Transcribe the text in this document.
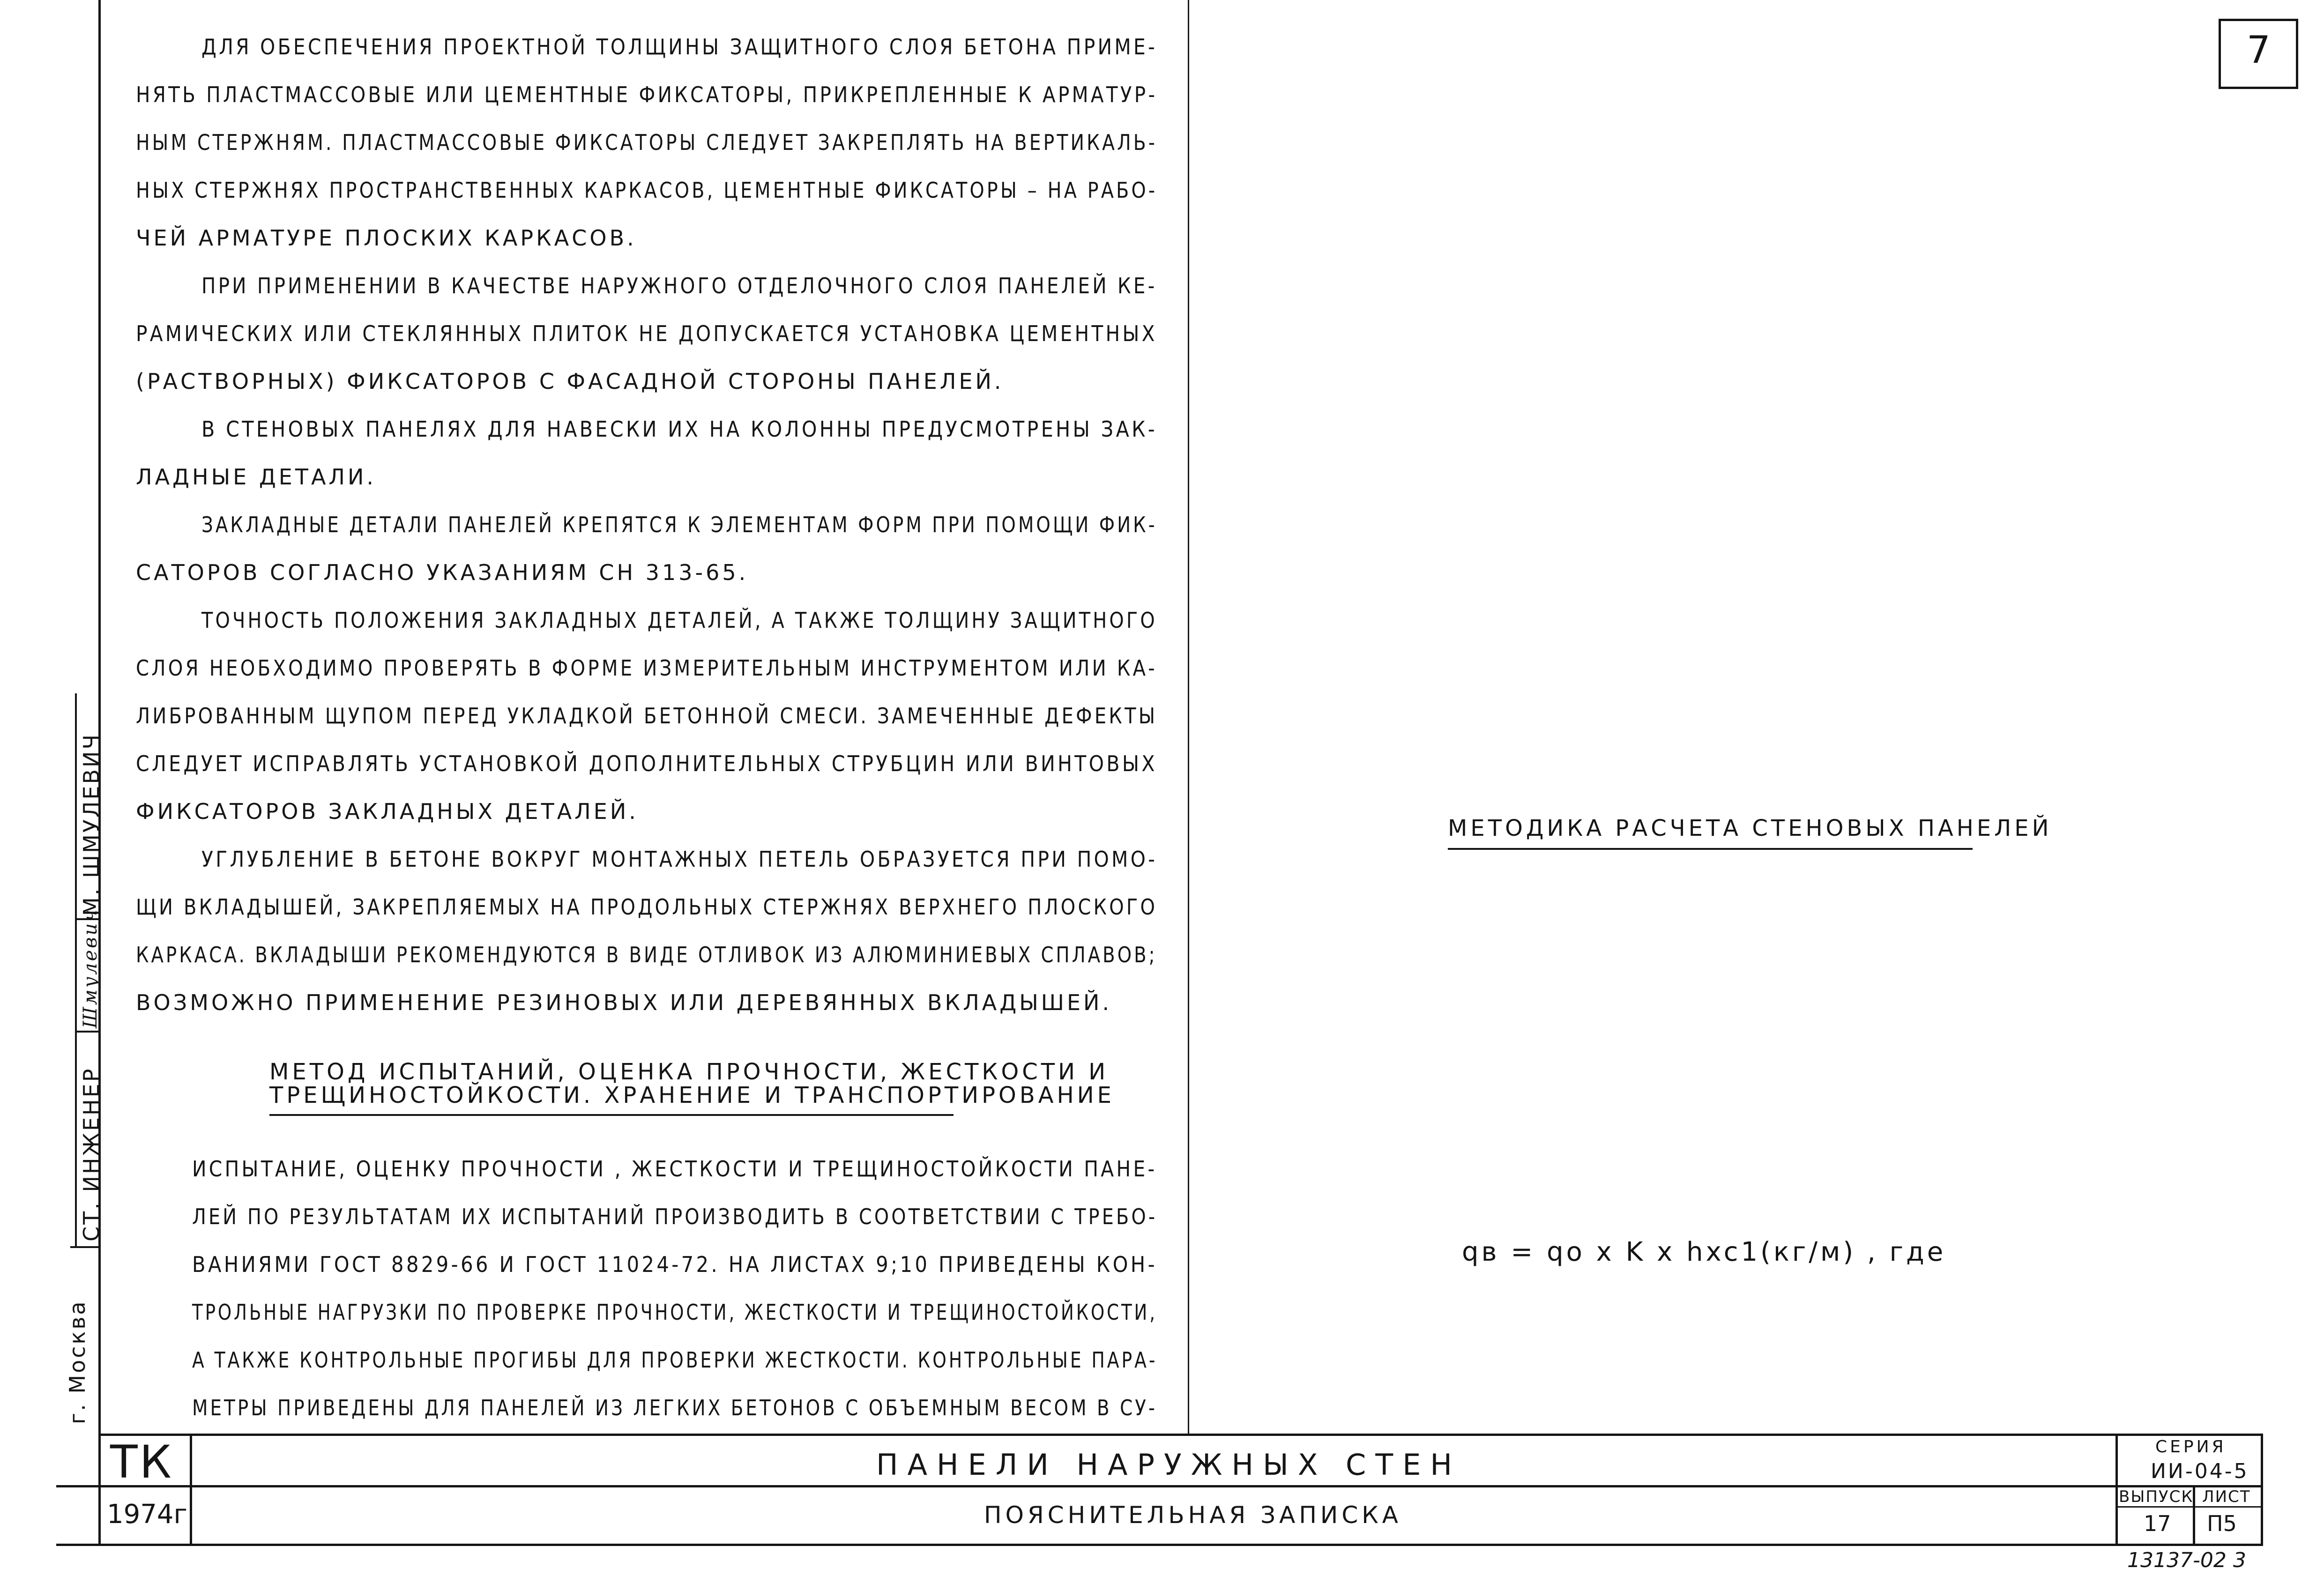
7
ДЛЯ ОБЕСПЕЧЕНИЯ ПРОЕКТНОЙ ТОЛЩИНЫ ЗАЩИТНОГО СЛОЯ БЕТОНА ПРИМЕ-
НЯТЬ ПЛАСТМАССОВЫЕ ИЛИ ЦЕМЕНТНЫЕ ФИКСАТОРЫ, ПРИКРЕПЛЕННЫЕ К АРМАТУР-
НЫМ СТЕРЖНЯМ. ПЛАСТМАССОВЫЕ ФИКСАТОРЫ СЛЕДУЕТ ЗАКРЕПЛЯТЬ НА ВЕРТИКАЛЬ-
НЫХ СТЕРЖНЯХ ПРОСТРАНСТВЕННЫХ КАРКАСОВ, ЦЕМЕНТНЫЕ ФИКСАТОРЫ – НА РАБО-
ЧЕЙ АРМАТУРЕ ПЛОСКИХ КАРКАСОВ.
ПРИ ПРИМЕНЕНИИ В КАЧЕСТВЕ НАРУЖНОГО ОТДЕЛОЧНОГО СЛОЯ ПАНЕЛЕЙ КЕ-
РАМИЧЕСКИХ ИЛИ СТЕКЛЯННЫХ ПЛИТОК НЕ ДОПУСКАЕТСЯ УСТАНОВКА ЦЕМЕНТНЫХ
(РАСТВОРНЫХ) ФИКСАТОРОВ С ФАСАДНОЙ СТОРОНЫ ПАНЕЛЕЙ.
В СТЕНОВЫХ ПАНЕЛЯХ ДЛЯ НАВЕСКИ ИХ НА КОЛОННЫ ПРЕДУСМОТРЕНЫ ЗАК-
ЛАДНЫЕ ДЕТАЛИ.
ЗАКЛАДНЫЕ ДЕТАЛИ ПАНЕЛЕЙ КРЕПЯТСЯ К ЭЛЕМЕНТАМ ФОРМ ПРИ ПОМОЩИ ФИК-
САТОРОВ СОГЛАСНО УКАЗАНИЯМ СН 313-65.
ТОЧНОСТЬ ПОЛОЖЕНИЯ ЗАКЛАДНЫХ ДЕТАЛЕЙ, А ТАКЖЕ ТОЛЩИНУ ЗАЩИТНОГО
СЛОЯ НЕОБХОДИМО ПРОВЕРЯТЬ В ФОРМЕ ИЗМЕРИТЕЛЬНЫМ ИНСТРУМЕНТОМ ИЛИ КА-
ЛИБРОВАННЫМ ЩУПОМ ПЕРЕД УКЛАДКОЙ БЕТОННОЙ СМЕСИ. ЗАМЕЧЕННЫЕ ДЕФЕКТЫ
СЛЕДУЕТ ИСПРАВЛЯТЬ УСТАНОВКОЙ ДОПОЛНИТЕЛЬНЫХ СТРУБЦИН ИЛИ ВИНТОВЫХ
ФИКСАТОРОВ ЗАКЛАДНЫХ ДЕТАЛЕЙ.
УГЛУБЛЕНИЕ В БЕТОНЕ ВОКРУГ МОНТАЖНЫХ ПЕТЕЛЬ ОБРАЗУЕТСЯ ПРИ ПОМО-
ЩИ ВКЛАДЫШЕЙ, ЗАКРЕПЛЯЕМЫХ НА ПРОДОЛЬНЫХ СТЕРЖНЯХ ВЕРХНЕГО ПЛОСКОГО
КАРКАСА. ВКЛАДЫШИ РЕКОМЕНДУЮТСЯ В ВИДЕ ОТЛИВОК ИЗ АЛЮМИНИЕВЫХ СПЛАВОВ;
ВОЗМОЖНО ПРИМЕНЕНИЕ РЕЗИНОВЫХ ИЛИ ДЕРЕВЯННЫХ ВКЛАДЫШЕЙ.
МЕТОД ИСПЫТАНИЙ, ОЦЕНКА ПРОЧНОСТИ, ЖЕСТКОСТИ И
ТРЕЩИНОСТОЙКОСТИ. ХРАНЕНИЕ И ТРАНСПОРТИРОВАНИЕ
ИСПЫТАНИЕ, ОЦЕНКУ ПРОЧНОСТИ , ЖЕСТКОСТИ И ТРЕЩИНОСТОЙКОСТИ ПАНЕ-
ЛЕЙ ПО РЕЗУЛЬТАТАМ ИХ ИСПЫТАНИЙ ПРОИЗВОДИТЬ В СООТВЕТСТВИИ С ТРЕБО-
ВАНИЯМИ ГОСТ 8829-66 И ГОСТ 11024-72. НА ЛИСТАХ 9;10 ПРИВЕДЕНЫ КОН-
ТРОЛЬНЫЕ НАГРУЗКИ ПО ПРОВЕРКЕ ПРОЧНОСТИ, ЖЕСТКОСТИ И ТРЕЩИНОСТОЙКОСТИ,
А ТАКЖЕ КОНТРОЛЬНЫЕ ПРОГИБЫ ДЛЯ ПРОВЕРКИ ЖЕСТКОСТИ. КОНТРОЛЬНЫЕ ПАРА-
МЕТРЫ ПРИВЕДЕНЫ ДЛЯ ПАНЕЛЕЙ ИЗ ЛЕГКИХ БЕТОНОВ С ОБЪЕМНЫМ ВЕСОМ В СУ-
МЕТОДИКА РАСЧЕТА СТЕНОВЫХ ПАНЕЛЕЙ
qв = qо x K x hxc1(кг/м) , где
М. ШМУЛЕВИЧ
Шмулевич
СТ. ИНЖЕНЕР
г. Москва
ТК
1974г
ПАНЕЛИ НАРУЖНЫХ СТЕН
ПОЯСНИТЕЛЬНАЯ ЗАПИСКА
СЕРИЯ
ИИ-04-5
ВЫПУСК
17
ЛИСТ
П5
13137-02 3
